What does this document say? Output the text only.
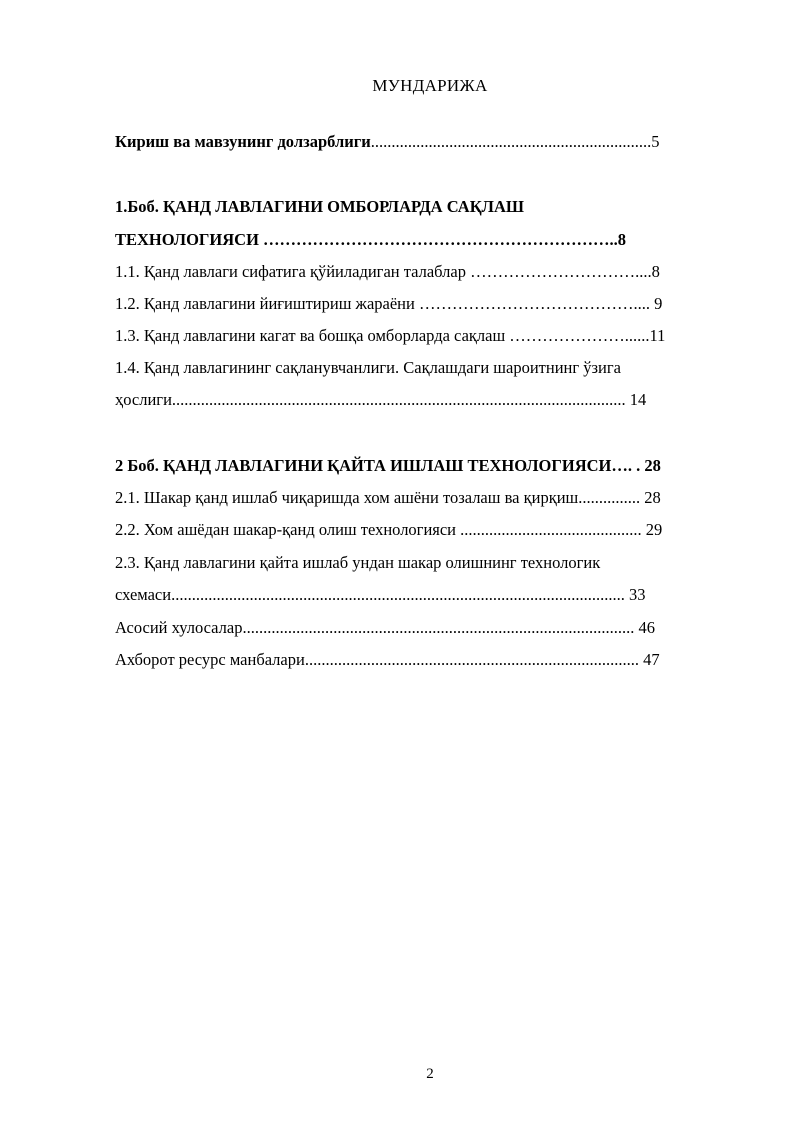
МУНДАРИЖА
Кириш ва мавзунинг долзарблиги....................................................................5
1.Боб. ҚАНД ЛАВЛАГИНИ ОМБОРЛАРДА САҚЛАШ
ТЕХНОЛОГИЯСИ ………………………………………………………..8
1.1. Қанд лавлаги сифатига қўйиладиган талаблар …………………………....8
1.2. Қанд лавлагини йиғиштириш жараёни ………………………………….... 9
1.3. Қанд лавлагини кагат ва бошқа омборларда сақлаш …………………......11
1.4. Қанд лавлагининг сақланувчанлиги. Сақлашдаги шароитнинг ўзига
ҳослиги.............................................................................................................. 14
2 Боб. ҚАНД ЛАВЛАГИНИ ҚАЙТА ИШЛАШ ТЕХНОЛОГИЯСИ…. . 28
2.1. Шакар қанд ишлаб чиқаришда хом ашёни тозалаш ва қирқиш............... 28
2.2. Хом ашёдан шакар-қанд олиш технологияси ............................................ 29
2.3. Қанд лавлагини қайта ишлаб ундан шакар олишнинг технологик
схемаси.............................................................................................................. 33
Асосий хулосалар............................................................................................... 46
Ахборот ресурс манбалари................................................................................. 47
2
